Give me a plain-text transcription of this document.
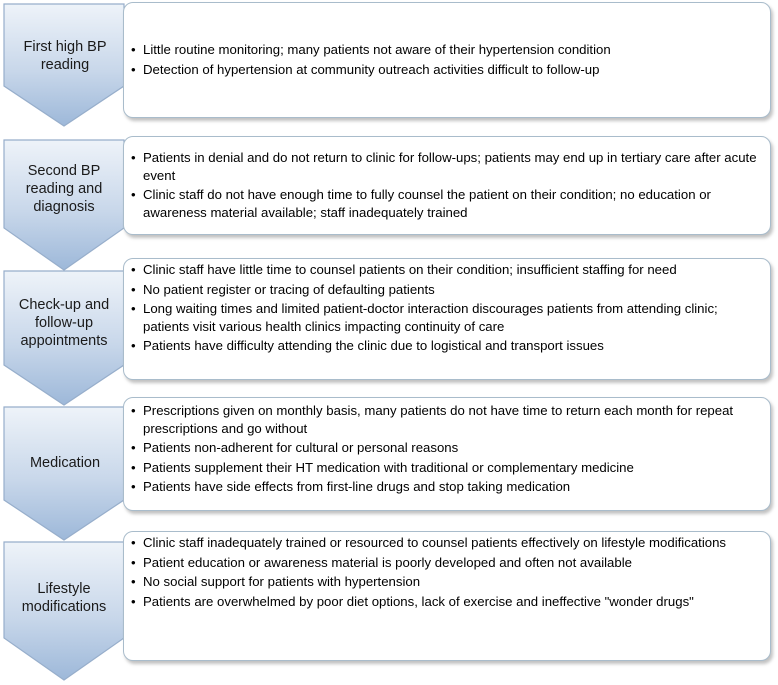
First high BP reading
Second BP reading and diagnosis
Check-up and follow-up appointments
Medication
Lifestyle modifications
• Little routine monitoring; many patients not aware of their hypertension condition
• Detection of hypertension at community outreach activities difficult to follow-up
• Patients in denial and do not return to clinic for follow-ups; patients may end up in tertiary care after acute event
• Clinic staff do not have enough time to fully counsel the patient on their condition; no education or awareness material available; staff inadequately trained
• Clinic staff have little time to counsel patients on their condition; insufficient staffing for need
• No patient register or tracing of defaulting patients
• Long waiting times and limited patient-doctor interaction discourages patients from attending clinic; patients visit various health clinics impacting continuity of care
• Patients have difficulty attending the clinic due to logistical and transport issues
• Prescriptions given on monthly basis, many patients do not have time to return each month for repeat prescriptions and go without
• Patients non-adherent for cultural or personal reasons
• Patients supplement their HT medication with traditional or complementary medicine
• Patients have side effects from first-line drugs and stop taking medication
• Clinic staff inadequately trained or resourced to counsel patients effectively on lifestyle modifications
• Patient education or awareness material is poorly developed and often not available
• No social support for patients with hypertension
• Patients are overwhelmed by poor diet options, lack of exercise and ineffective "wonder drugs"
